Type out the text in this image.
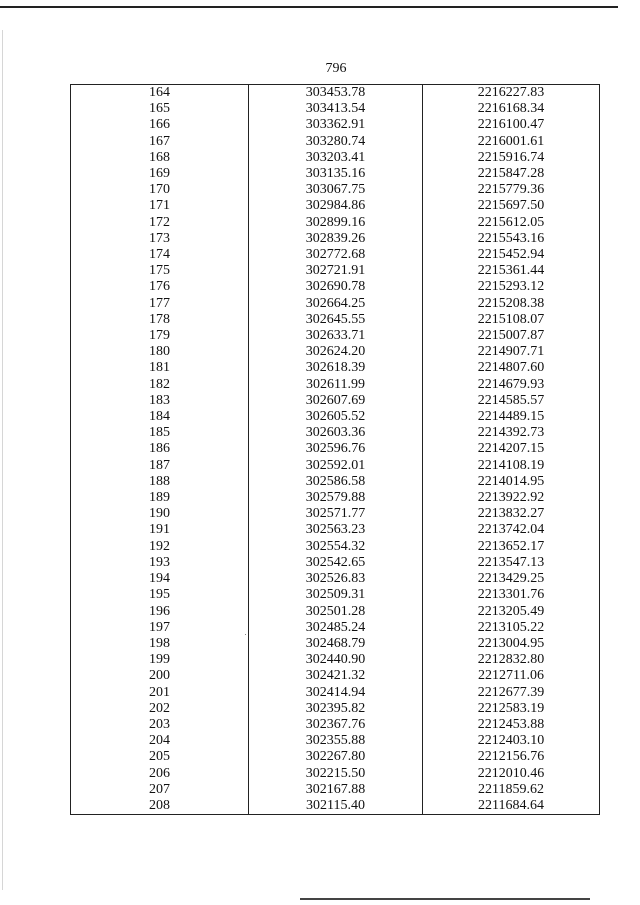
796
164	303453.78	2216227.83
165	303413.54	2216168.34
166	303362.91	2216100.47
167	303280.74	2216001.61
168	303203.41	2215916.74
169	303135.16	2215847.28
170	303067.75	2215779.36
171	302984.86	2215697.50
172	302899.16	2215612.05
173	302839.26	2215543.16
174	302772.68	2215452.94
175	302721.91	2215361.44
176	302690.78	2215293.12
177	302664.25	2215208.38
178	302645.55	2215108.07
179	302633.71	2215007.87
180	302624.20	2214907.71
181	302618.39	2214807.60
182	302611.99	2214679.93
183	302607.69	2214585.57
184	302605.52	2214489.15
185	302603.36	2214392.73
186	302596.76	2214207.15
187	302592.01	2214108.19
188	302586.58	2214014.95
189	302579.88	2213922.92
190	302571.77	2213832.27
191	302563.23	2213742.04
192	302554.32	2213652.17
193	302542.65	2213547.13
194	302526.83	2213429.25
195	302509.31	2213301.76
196	302501.28	2213205.49
197	302485.24	2213105.22
198	302468.79	2213004.95
199	302440.90	2212832.80
200	302421.32	2212711.06
201	302414.94	2212677.39
202	302395.82	2212583.19
203	302367.76	2212453.88
204	302355.88	2212403.10
205	302267.80	2212156.76
206	302215.50	2212010.46
207	302167.88	2211859.62
208	302115.40	2211684.64
